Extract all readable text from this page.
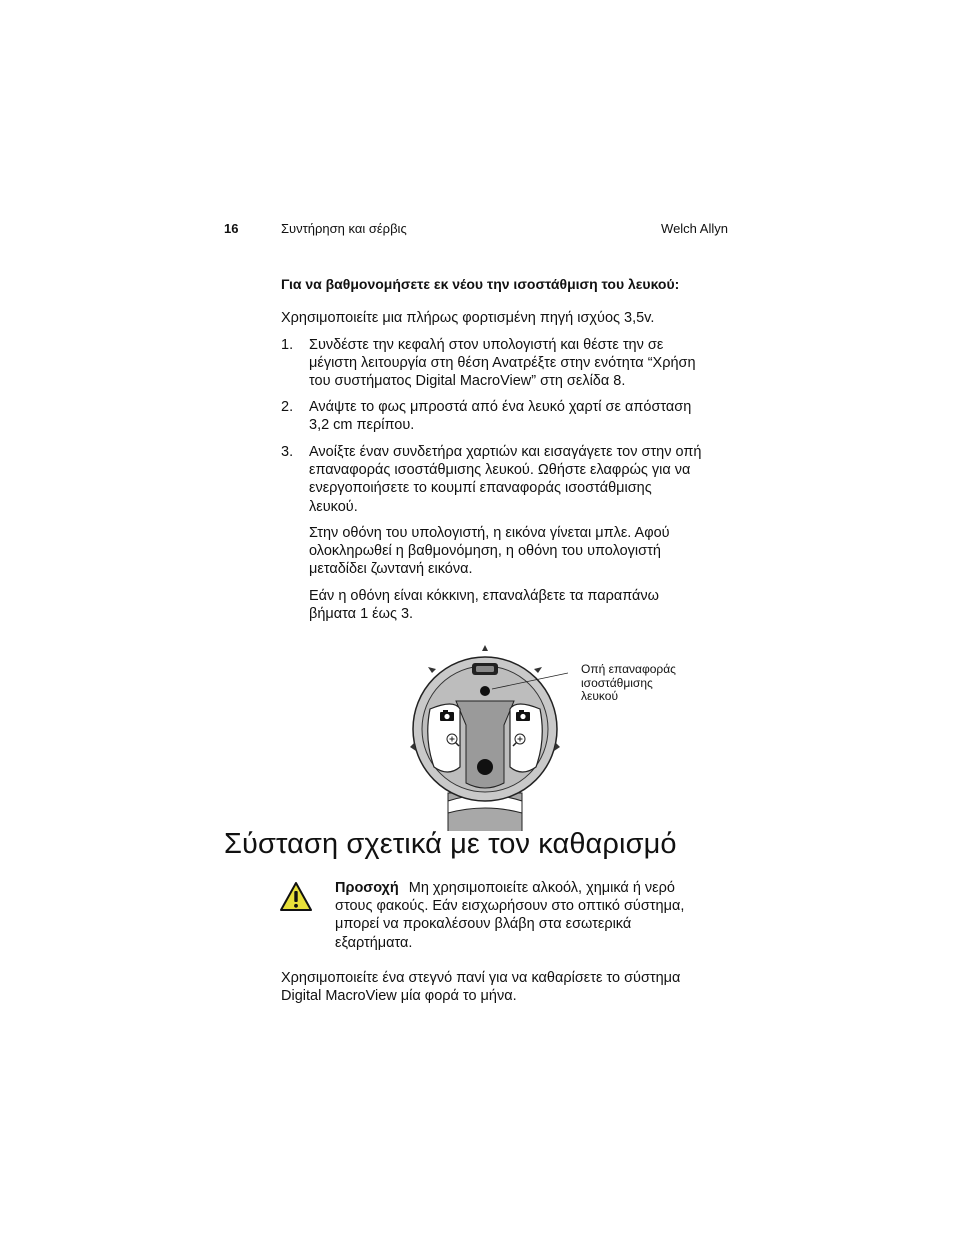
16	Συντήρηση και σέρβις	Welch Allyn
Για να βαθμονομήσετε εκ νέου την ισοστάθμιση του λευκού:
Χρησιμοποιείτε μια πλήρως φορτισμένη πηγή ισχύος 3,5v.
1. Συνδέστε την κεφαλή στον υπολογιστή και θέστε την σε
μέγιστη λειτουργία στη θέση Ανατρέξτε στην ενότητα “Χρήση
του συστήματος Digital MacroView” στη σελίδα 8.
2. Ανάψτε το φως μπροστά από ένα λευκό χαρτί σε απόσταση
3,2 cm περίπου.
3. Ανοίξτε έναν συνδετήρα χαρτιών και εισαγάγετε τον στην οπή
επαναφοράς ισοστάθμισης λευκού. Ωθήστε ελαφρώς για να
ενεργοποιήσετε το κουμπί επαναφοράς ισοστάθμισης
λευκού.
Στην οθόνη του υπολογιστή, η εικόνα γίνεται μπλε. Αφού
ολοκληρωθεί η βαθμονόμηση, η οθόνη του υπολογιστή
μεταδίδει ζωντανή εικόνα.
Εάν η οθόνη είναι κόκκινη, επαναλάβετε τα παραπάνω
βήματα 1 έως 3.
Οπή επαναφοράς
ισοστάθμισης
λευκού
Σύσταση σχετικά με τον καθαρισμό
Προσοχή Μη χρησιμοποιείτε αλκοόλ, χημικά ή νερό
στους φακούς. Εάν εισχωρήσουν στο οπτικό σύστημα,
μπορεί να προκαλέσουν βλάβη στα εσωτερικά
εξαρτήματα.
Χρησιμοποιείτε ένα στεγνό πανί για να καθαρίσετε το σύστημα
Digital MacroView μία φορά το μήνα.
